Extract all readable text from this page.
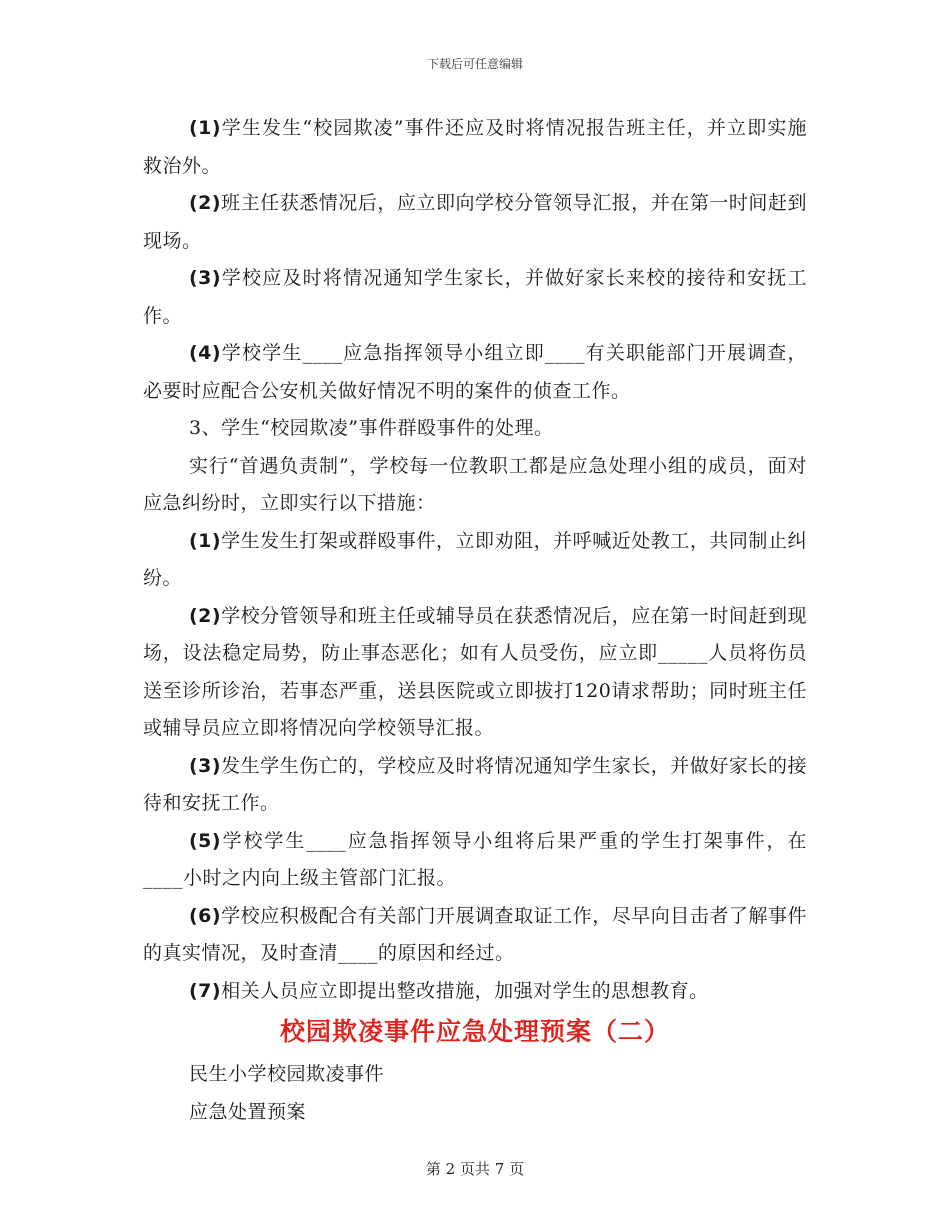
下载后可任意编辑

(1)学生发生“校园欺凌”事件还应及时将情况报告班主任，并立即实施救治外。

(2)班主任获悉情况后，应立即向学校分管领导汇报，并在第一时间赶到现场。

(3)学校应及时将情况通知学生家长，并做好家长来校的接待和安抚工作。

(4)学校学生____应急指挥领导小组立即____有关职能部门开展调查，必要时应配合公安机关做好情况不明的案件的侦查工作。

3、学生“校园欺凌”事件群殴事件的处理。

实行“首遇负责制”，学校每一位教职工都是应急处理小组的成员，面对应急纠纷时，立即实行以下措施：

(1)学生发生打架或群殴事件，立即劝阻，并呼喊近处教工，共同制止纠纷。

(2)学校分管领导和班主任或辅导员在获悉情况后，应在第一时间赶到现场，设法稳定局势，防止事态恶化；如有人员受伤，应立即_____人员将伤员送至诊所诊治，若事态严重，送县医院或立即拔打120请求帮助；同时班主任或辅导员应立即将情况向学校领导汇报。

(3)发生学生伤亡的，学校应及时将情况通知学生家长，并做好家长的接待和安抚工作。

(5)学校学生____应急指挥领导小组将后果严重的学生打架事件，在____小时之内向上级主管部门汇报。

(6)学校应积极配合有关部门开展调查取证工作，尽早向目击者了解事件的真实情况，及时查清____的原因和经过。

(7)相关人员应立即提出整改措施，加强对学生的思想教育。

校园欺凌事件应急处理预案（二）

民生小学校园欺凌事件

应急处置预案

第 2 页共 7 页
